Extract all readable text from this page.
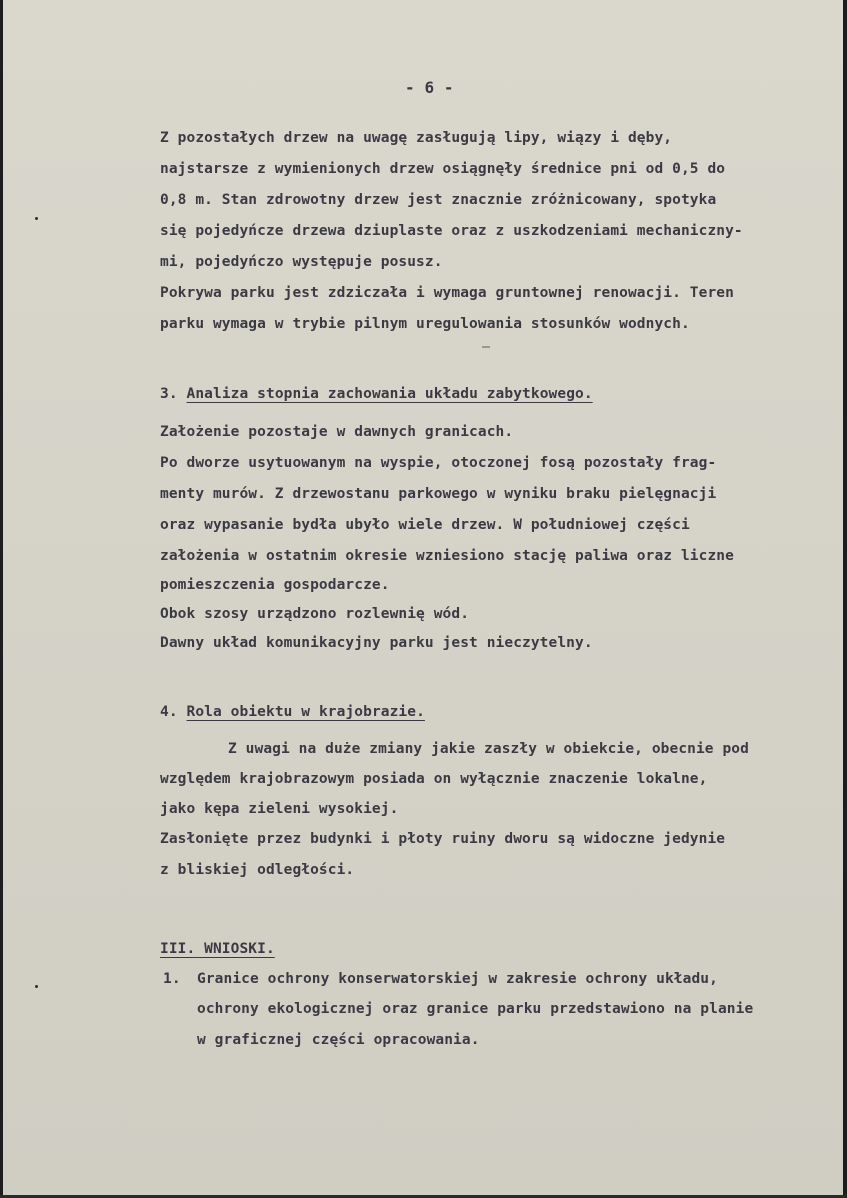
- 6 -
Z pozostałych drzew na uwagę zasługują lipy, wiązy i dęby,
najstarsze z wymienionych drzew osiągnęły średnice pni od 0,5 do
0,8 m. Stan zdrowotny drzew jest znacznie zróżnicowany, spotyka
się pojedyńcze drzewa dziuplaste oraz z uszkodzeniami mechaniczny-
mi, pojedyńczo występuje posusz.
Pokrywa parku jest zdziczała i wymaga gruntownej renowacji. Teren
parku wymaga w trybie pilnym uregulowania stosunków wodnych.
3. Analiza stopnia zachowania układu zabytkowego.
Założenie pozostaje w dawnych granicach.
Po dworze usytuowanym na wyspie, otoczonej fosą pozostały frag-
menty murów. Z drzewostanu parkowego w wyniku braku pielęgnacji
oraz wypasanie bydła ubyło wiele drzew. W południowej części
założenia w ostatnim okresie wzniesiono stację paliwa oraz liczne
pomieszczenia gospodarcze.
Obok szosy urządzono rozlewnię wód.
Dawny układ komunikacyjny parku jest nieczytelny.
4. Rola obiektu w krajobrazie.
Z uwagi na duże zmiany jakie zaszły w obiekcie, obecnie pod
względem krajobrazowym posiada on wyłącznie znaczenie lokalne,
jako kępa zieleni wysokiej.
Zasłonięte przez budynki i płoty ruiny dworu są widoczne jedynie
z bliskiej odległości.
III. WNIOSKI.
1. Granice ochrony konserwatorskiej w zakresie ochrony układu,
ochrony ekologicznej oraz granice parku przedstawiono na planie
w graficznej części opracowania.
